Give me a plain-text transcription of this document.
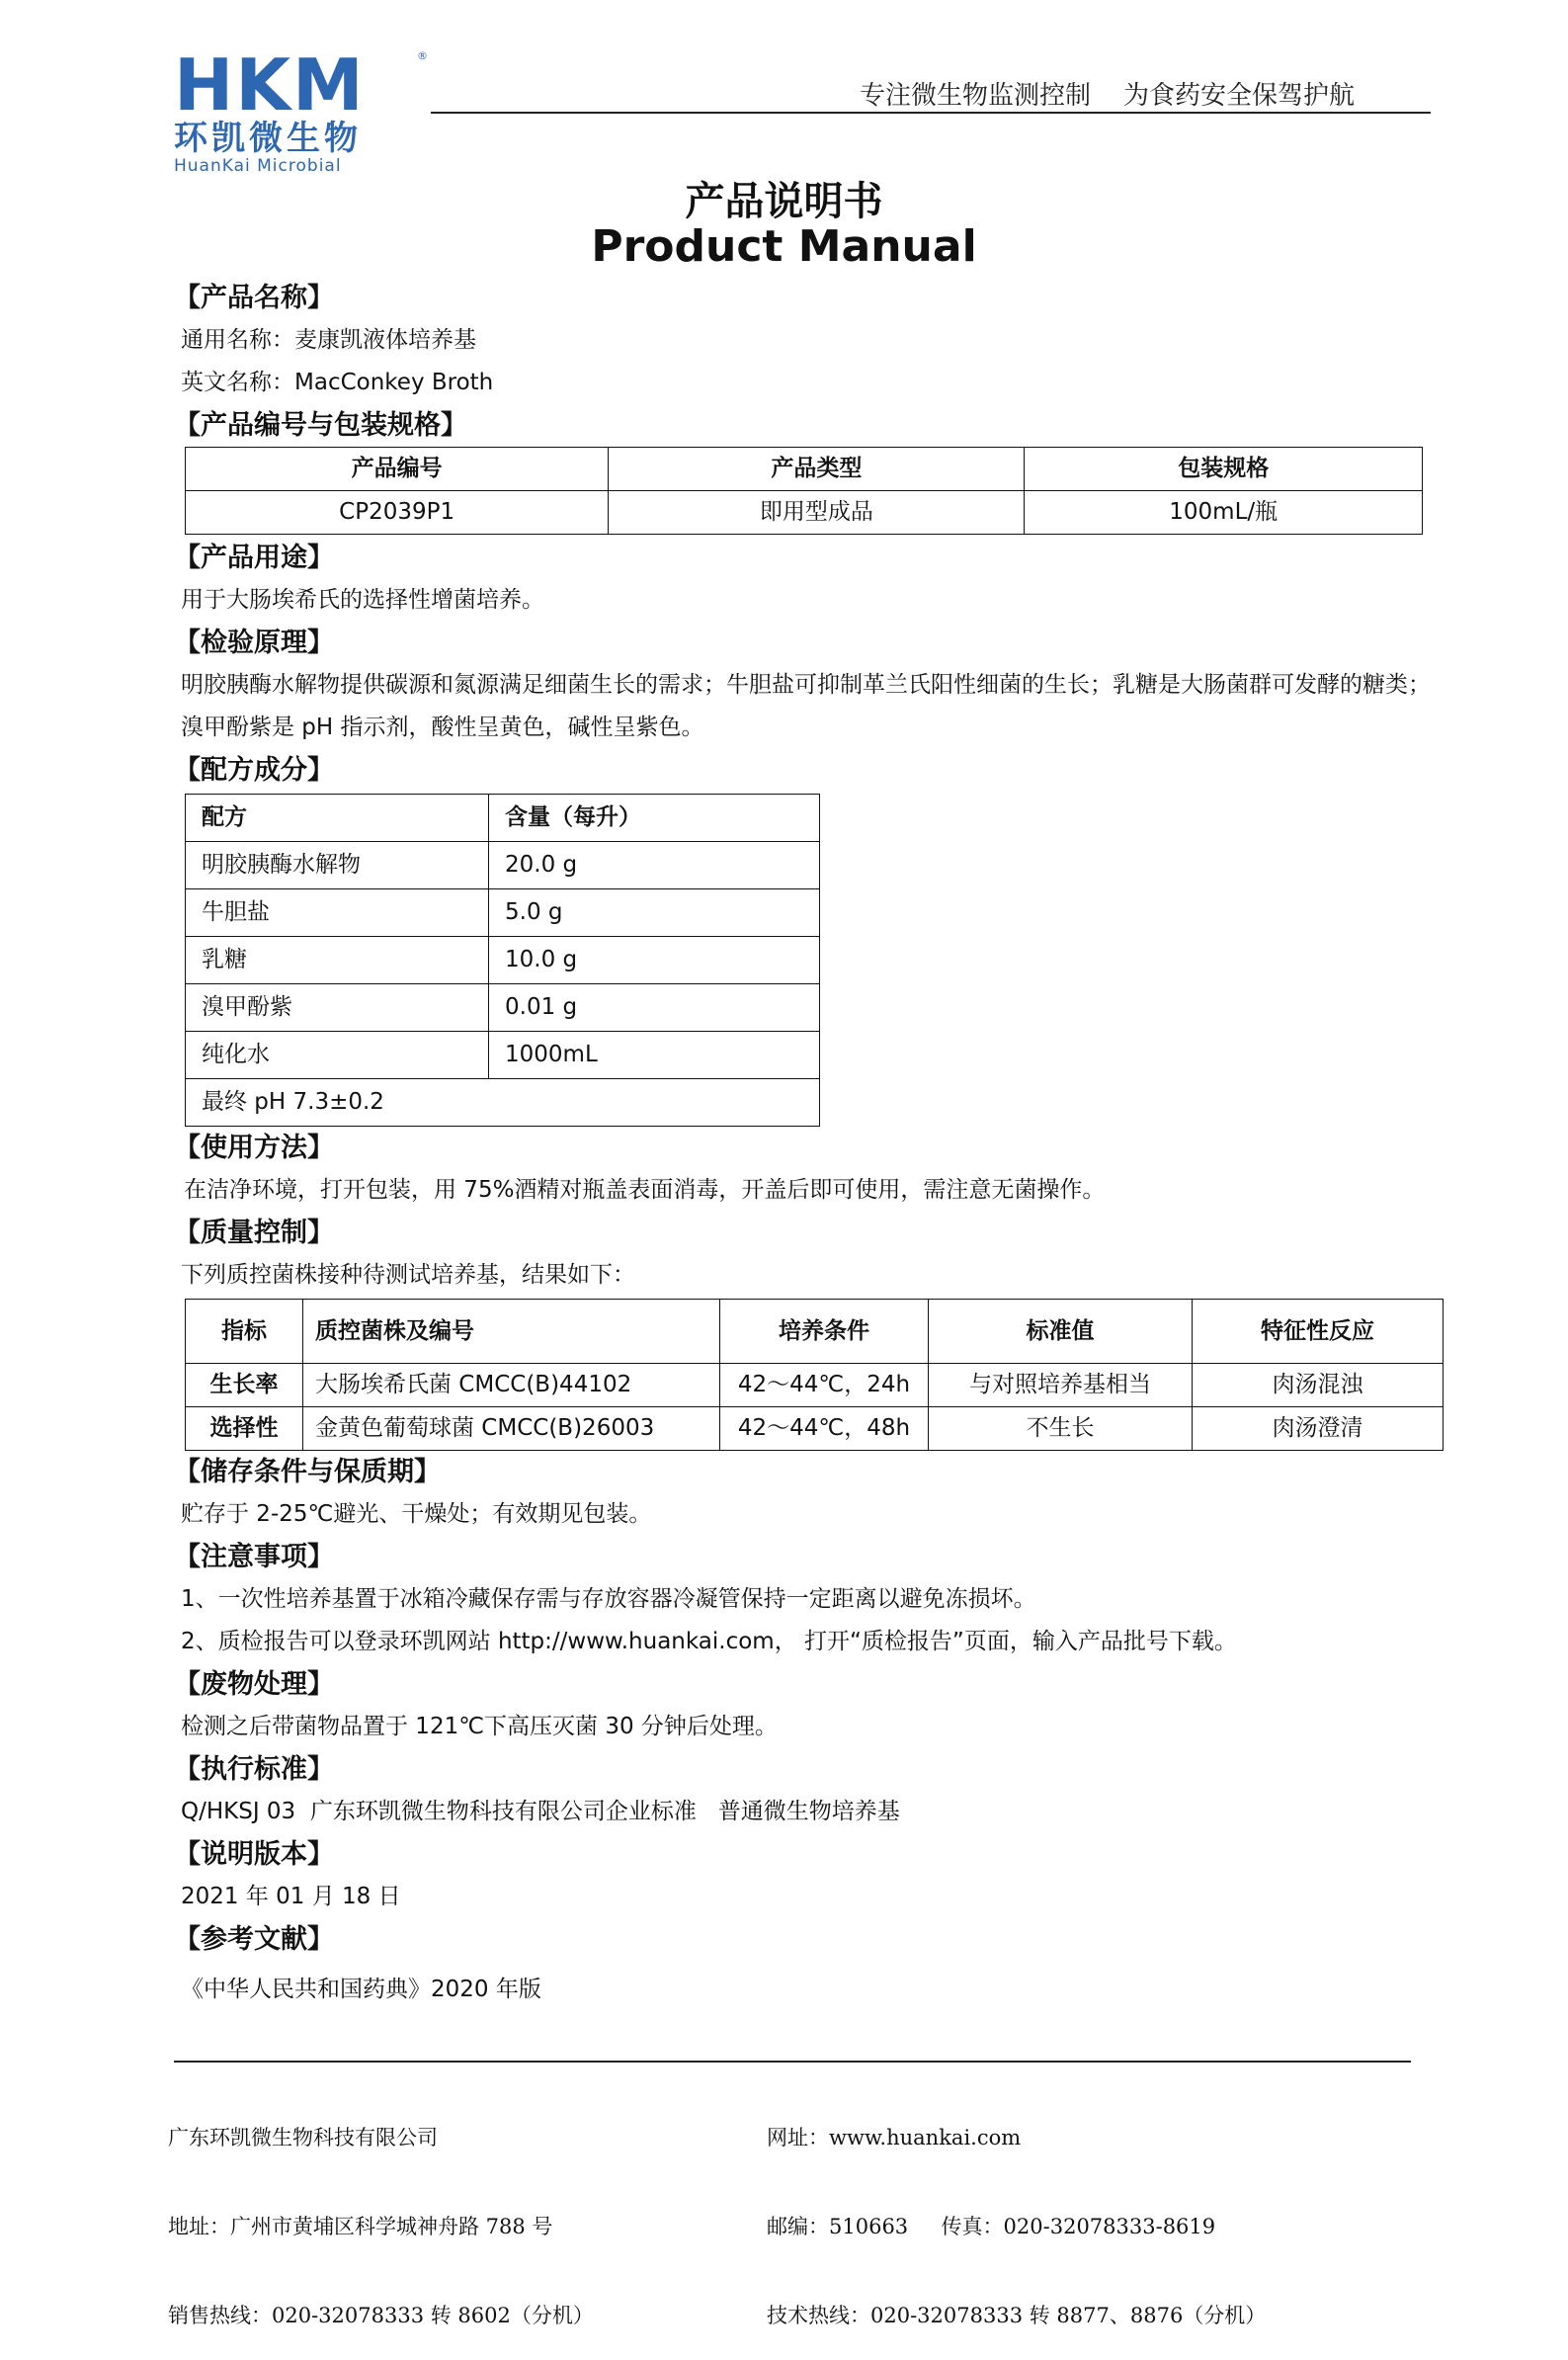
HKM	®
环凯微生物
HuanKai Microbial
专注微生物监测控制    为食药安全保驾护航
产品说明书
Product Manual
【产品名称】
通用名称：麦康凯液体培养基
英文名称：MacConkey Broth
【产品编号与包装规格】
产品编号	产品类型	包装规格
CP2039P1	即用型成品	100mL/瓶
【产品用途】
用于大肠埃希氏的选择性增菌培养。
【检验原理】
明胶胰酶水解物提供碳源和氮源满足细菌生长的需求；牛胆盐可抑制革兰氏阳性细菌的生长；乳糖是大肠菌群可发酵的糖类；溴甲酚紫是 pH 指示剂，酸性呈黄色，碱性呈紫色。
【配方成分】
配方	含量（每升）
明胶胰酶水解物	20.0 g
牛胆盐	5.0 g
乳糖	10.0 g
溴甲酚紫	0.01 g
纯化水	1000mL
最终 pH 7.3±0.2	
【使用方法】
在洁净环境，打开包装，用 75%酒精对瓶盖表面消毒，开盖后即可使用，需注意无菌操作。
【质量控制】
下列质控菌株接种待测试培养基，结果如下：
指标	质控菌株及编号	培养条件	标准值	特征性反应
生长率	大肠埃希氏菌 CMCC(B)44102	42～44℃，24h	与对照培养基相当	肉汤混浊
选择性	金黄色葡萄球菌 CMCC(B)26003	42～44℃，48h	不生长	肉汤澄清
【储存条件与保质期】
贮存于 2-25℃避光、干燥处；有效期见包装。
【注意事项】
1、一次性培养基置于冰箱冷藏保存需与存放容器冷凝管保持一定距离以避免冻损坏。
2、质检报告可以登录环凯网站 http://www.huankai.com， 打开“质检报告”页面，输入产品批号下载。
【废物处理】
检测之后带菌物品置于 121℃下高压灭菌 30 分钟后处理。
【执行标准】
Q/HKSJ 03  广东环凯微生物科技有限公司企业标准   普通微生物培养基
【说明版本】
2021 年 01 月 18 日
【参考文献】
《中华人民共和国药典》2020 年版

广东环凯微生物科技有限公司

地址：广州市黄埔区科学城神舟路 788 号

销售热线：020-32078333 转 8602（分机）

网址：www.huankai.com

邮编：510663     传真：020-32078333-8619

技术热线：020-32078333 转 8877、8876（分机）
